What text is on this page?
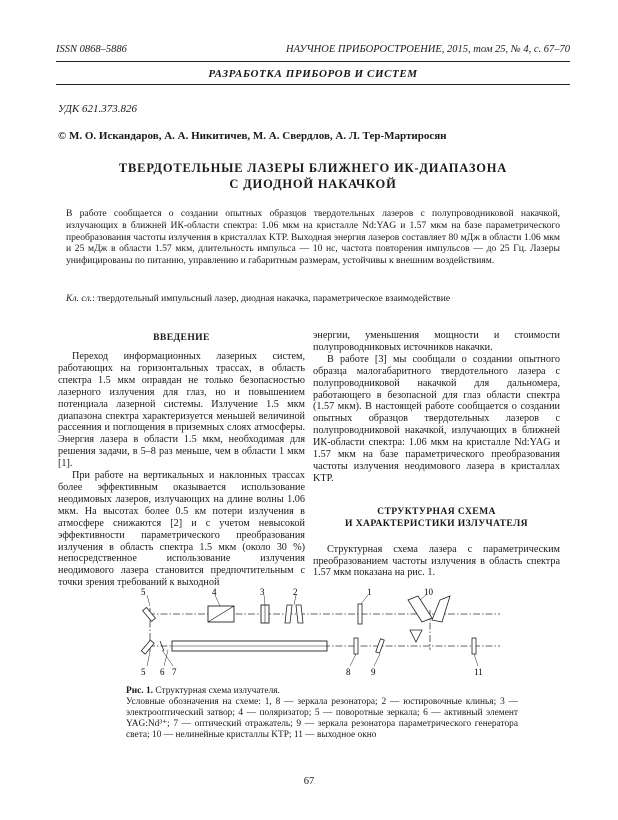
ISSN 0868–5886	НАУЧНОЕ ПРИБОРОСТРОЕНИЕ, 2015, том 25, № 4, с. 67–70
РАЗРАБОТКА ПРИБОРОВ И СИСТЕМ
УДК 621.373.826
© М. О. Искандаров, А. А. Никитичев, М. А. Свердлов, А. Л. Тер-Мартиросян
ТВЕРДОТЕЛЬНЫЕ ЛАЗЕРЫ БЛИЖНЕГО ИК-ДИАПАЗОНА
С ДИОДНОЙ НАКАЧКОЙ
В работе сообщается о создании опытных образцов твердотельных лазеров с полупроводниковой накачкой, излучающих в ближней ИК-области спектра: 1.06 мкм на кристалле Nd:YAG и 1.57 мкм на базе параметрического преобразования частоты излучения в кристаллах KTP. Выходная энергия лазеров составляет 80 мДж в области 1.06 мкм и 25 мДж в области 1.57 мкм, длительность импульса — 10 нс, частота повторения импульсов — до 25 Гц. Лазеры унифицированы по питанию, управлению и габаритным размерам, устойчивы к внешним воздействиям.
Кл. сл.: твердотельный импульсный лазер, диодная накачка, параметрическое взаимодействие
ВВЕДЕНИЕ

Переход информационных лазерных систем, работающих на горизонтальных трассах, в область спектра 1.5 мкм оправдан не только безопасностью лазерного излучения для глаз, но и повышением потенциала лазерной системы. Излучение 1.5 мкм диапазона спектра характеризуется меньшей величиной рассеяния и поглощения в приземных слоях атмосферы. Энергия лазера в области 1.5 мкм, необходимая для решения задачи, в 5–8 раз меньше, чем в области 1 мкм [1].

При работе на вертикальных и наклонных трассах более эффективным оказывается использование неодимовых лазеров, излучающих на длине волны 1.06 мкм. На высотах более 0.5 км потери излучения в атмосфере снижаются [2] и с учетом невысокой эффективности параметрического преобразования излучения в область спектра 1.5 мкм (около 30 %) непосредственное использование излучения неодимового лазера становится предпочтительным с точки зрения требований к выходной

энергии, уменьшения мощности и стоимости полупроводниковых источников накачки.

В работе [3] мы сообщали о создании опытного образца малогабаритного твердотельного лазера с полупроводниковой накачкой для дальномера, работающего в безопасной для глаз области спектра (1.57 мкм). В настоящей работе сообщается о создании опытных образцов твердотельных лазеров с полупроводниковой накачкой, излучающих в ближней ИК-области спектра: 1.06 мкм на кристалле Nd:YAG и 1.57 мкм на базе параметрического преобразования частоты излучения неодимового лазера в кристаллах KTP.

СТРУКТУРНАЯ СХЕМА
И ХАРАКТЕРИСТИКИ ИЗЛУЧАТЕЛЯ

Структурная схема лазера с параметрическим преобразованием частоты излучения в область спектра 1.57 мкм показана на рис. 1.

5	4	3	2	1	10
5 6 7	8 9	11
Рис. 1. Структурная схема излучателя.
Условные обозначения на схеме: 1, 8 — зеркала резонатора; 2 — юстировочные клинья; 3 — электрооптический затвор; 4 — поляризатор; 5 — поворотные зеркала; 6 — активный элемент YAG:Nd³⁺; 7 — оптический отражатель; 9 — зеркала резонатора параметрического генератора света; 10 — нелинейные кристаллы KTP; 11 — выходное окно
67
